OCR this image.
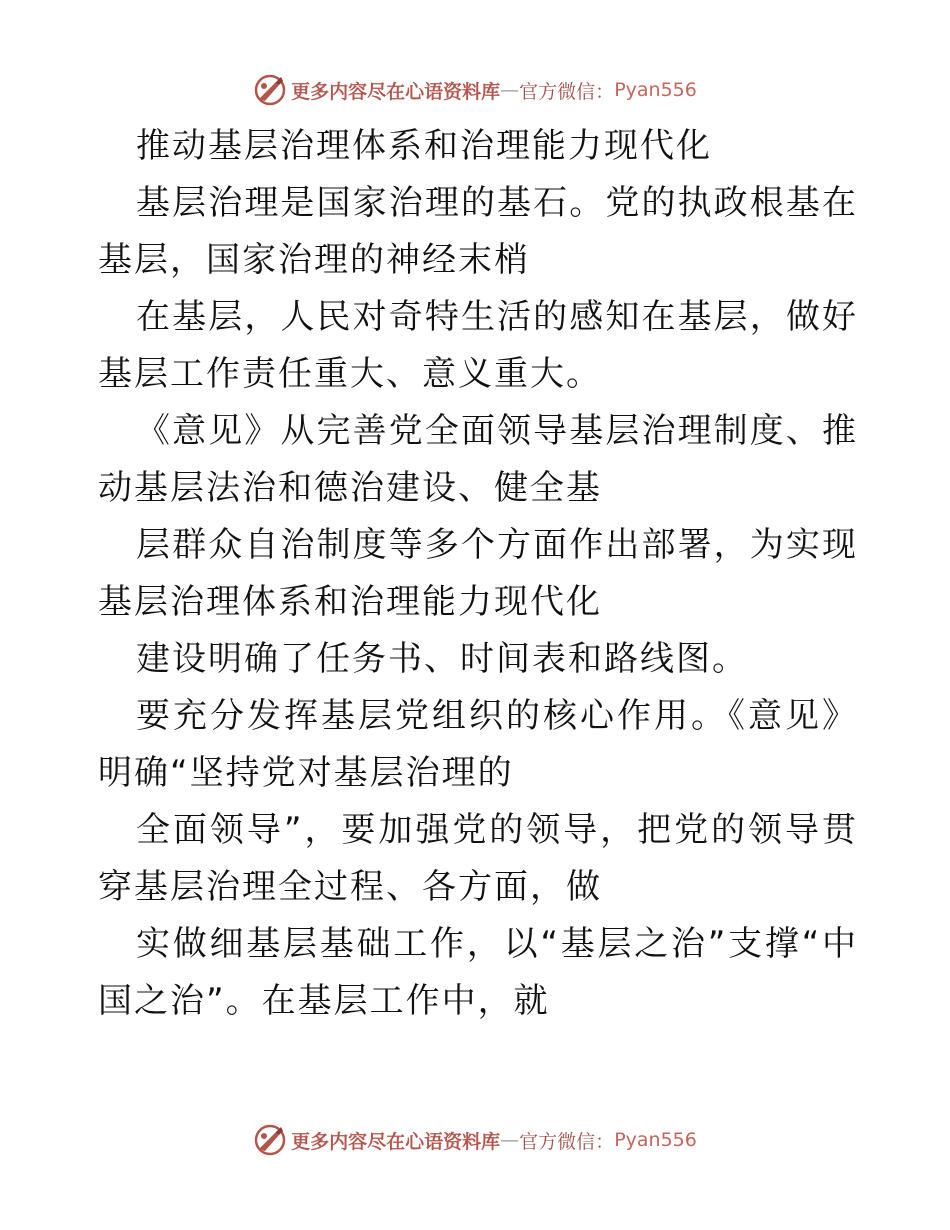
更多内容尽在心语资料库 — 官方微信： Pyan556

推动基层治理体系和治理能力现代化

基层治理是国家治理的基石。党的执政根基在基层，国家治理的神经末梢

在基层，人民对奇特生活的感知在基层，做好基层工作责任重大、意义重大。

《意见》从完善党全面领导基层治理制度、推动基层法治和德治建设、健全基

层群众自治制度等多个方面作出部署，为实现基层治理体系和治理能力现代化

建设明确了任务书、时间表和路线图。

要充分发挥基层党组织的核心作用。《意见》明确“坚持党对基层治理的

全面领导”，要加强党的领导，把党的领导贯穿基层治理全过程、各方面，做

实做细基层基础工作，以“基层之治”支撑“中国之治”。在基层工作中，就

更多内容尽在心语资料库 — 官方微信： Pyan556
